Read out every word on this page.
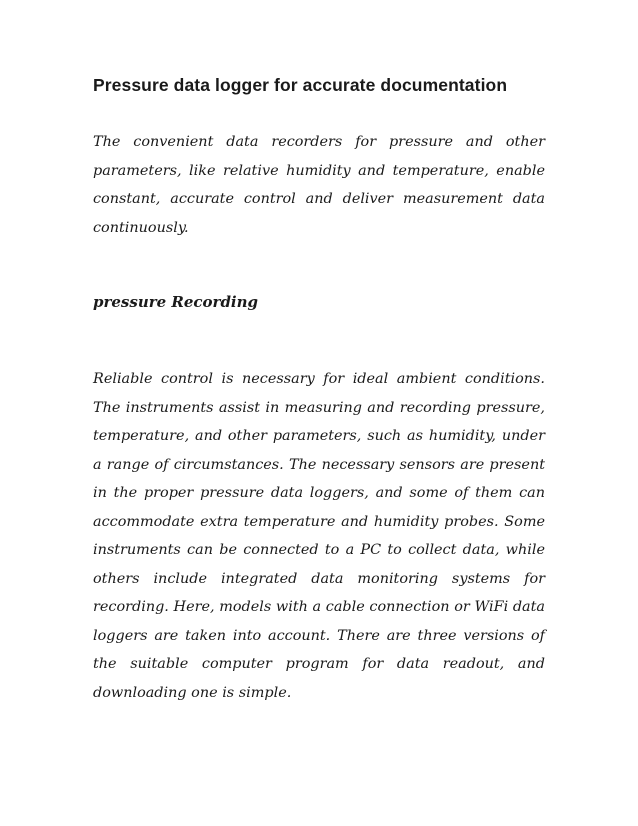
Pressure data logger for accurate documentation

The convenient data recorders for pressure and other parameters, like relative humidity and temperature, enable constant, accurate control and deliver measurement data continuously.

pressure Recording

Reliable control is necessary for ideal ambient conditions. The instruments assist in measuring and recording pressure, temperature, and other parameters, such as humidity, under a range of circumstances. The necessary sensors are present in the proper pressure data loggers, and some of them can accommodate extra temperature and humidity probes. Some instruments can be connected to a PC to collect data, while others include integrated data monitoring systems for recording. Here, models with a cable connection or WiFi data loggers are taken into account. There are three versions of the suitable computer program for data readout, and downloading one is simple.
